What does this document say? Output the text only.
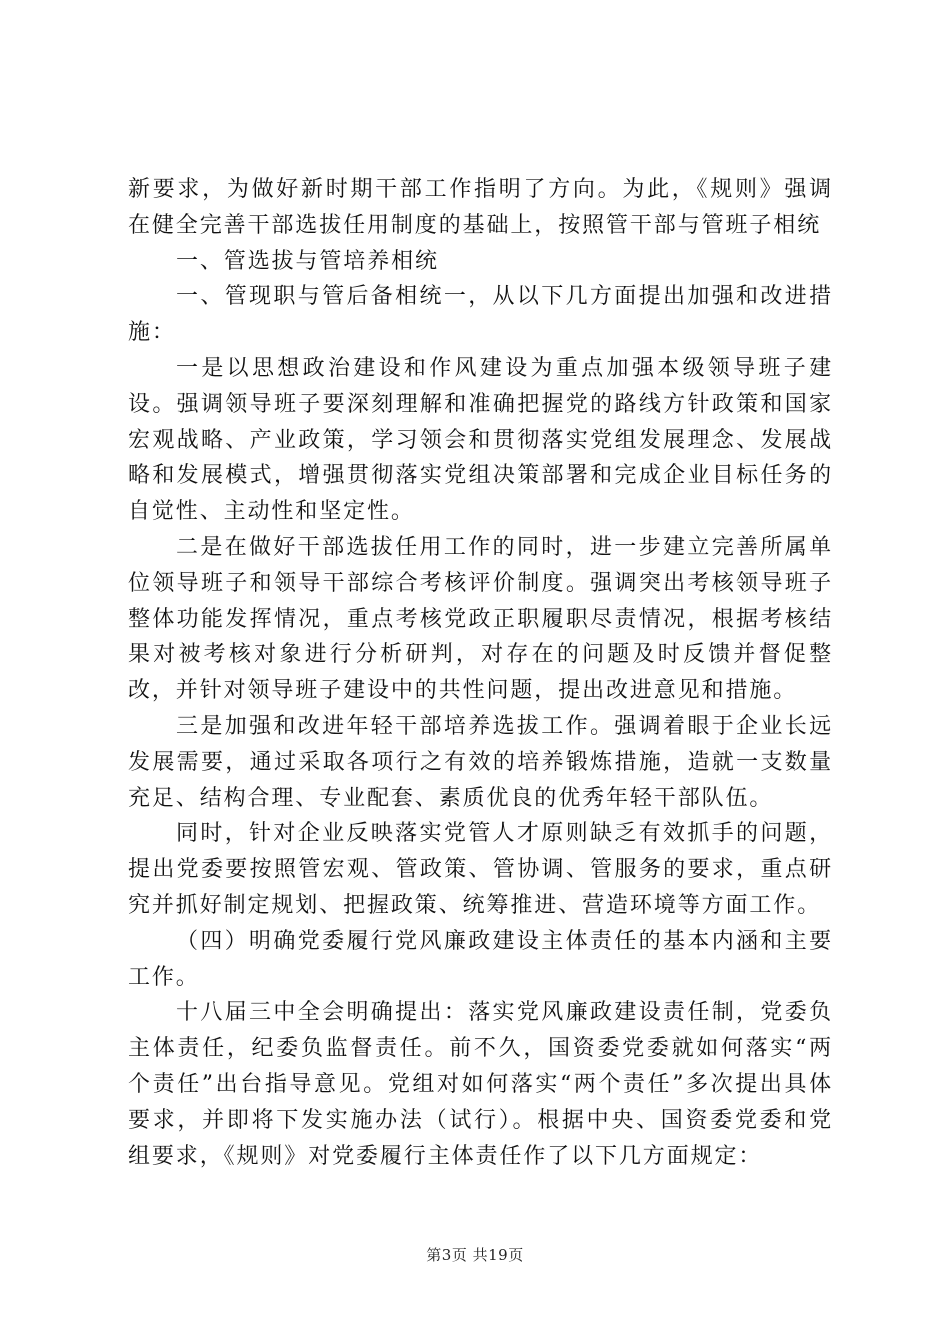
新要求，为做好新时期干部工作指明了方向。为此，《规则》强调在健全完善干部选拔任用制度的基础上，按照管干部与管班子相统

一、管选拔与管培养相统

一、管现职与管后备相统一，从以下几方面提出加强和改进措施：

一是以思想政治建设和作风建设为重点加强本级领导班子建设。强调领导班子要深刻理解和准确把握党的路线方针政策和国家宏观战略、产业政策，学习领会和贯彻落实党组发展理念、发展战略和发展模式，增强贯彻落实党组决策部署和完成企业目标任务的自觉性、主动性和坚定性。

二是在做好干部选拔任用工作的同时，进一步建立完善所属单位领导班子和领导干部综合考核评价制度。强调突出考核领导班子整体功能发挥情况，重点考核党政正职履职尽责情况，根据考核结果对被考核对象进行分析研判，对存在的问题及时反馈并督促整改，并针对领导班子建设中的共性问题，提出改进意见和措施。

三是加强和改进年轻干部培养选拔工作。强调着眼于企业长远发展需要，通过采取各项行之有效的培养锻炼措施，造就一支数量充足、结构合理、专业配套、素质优良的优秀年轻干部队伍。

同时，针对企业反映落实党管人才原则缺乏有效抓手的问题，提出党委要按照管宏观、管政策、管协调、管服务的要求，重点研究并抓好制定规划、把握政策、统筹推进、营造环境等方面工作。

（四）明确党委履行党风廉政建设主体责任的基本内涵和主要工作。

十八届三中全会明确提出：落实党风廉政建设责任制，党委负主体责任，纪委负监督责任。前不久，国资委党委就如何落实“两个责任”出台指导意见。党组对如何落实“两个责任”多次提出具体要求，并即将下发实施办法（试行）。根据中央、国资委党委和党组要求，《规则》对党委履行主体责任作了以下几方面规定：

第3页 共19页
